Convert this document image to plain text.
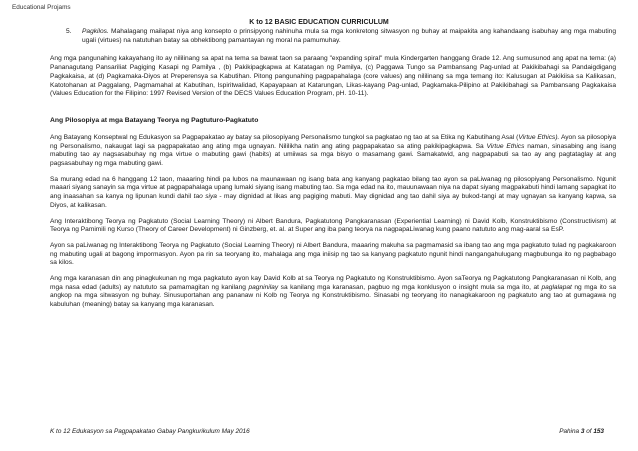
Educational Projams
K to 12 BASIC EDUCATION CURRICULUM
5.	Pagkilos. Mahalagang mailapat niya ang konsepto o prinsipyong nahinuha mula sa mga konkretong sitwasyon ng buhay at maipakita ang kahandaang isabuhay ang mga mabuting ugali (virtues) na natutuhan batay sa obhektibong pamantayan ng moral na pamumuhay.

Ang mga pangunahing kakayahang ito ay nililinang sa apat na tema sa bawat taon sa paraang "expanding spiral" mula Kindergarten hanggang Grade 12. Ang sumusunod ang apat na tema: (a) Pananagutang Pansariliat Pagiging Kasapi ng Pamilya , (b) Pakikipagkapwa at Katatagan ng Pamilya, (c) Paggawa Tungo sa Pambansang Pag-unlad at Pakikibahagi sa Pandaigdigang Pagkakaisa, at (d) Pagkamaka-Diyos at Preperensya sa Kabutihan. Pitong pangunahing pagpapahalaga (core values) ang nililinang sa mga temang ito: Kalusugan at Pakikiisa sa Kalikasan, Katotohanan at Paggalang, Pagmamahal at Kabutihan, Ispiritwalidad, Kapayapaan at Katarungan, Likas-kayang Pag-unlad, Pagkamaka-Pilipino at Pakikibahagi sa Pambansang Pagkakaisa (Values Education for the Filipino: 1997 Revised Version of the DECS Values Education Program, pH. 10-11).

Ang Pilosopiya at mga Batayang Teorya ng Pagtuturo-Pagkatuto

Ang Batayang Konseptwal ng Edukasyon sa Pagpapakatao ay batay sa pilosopiyang Personalismo tungkol sa pagkatao ng tao at sa Etika ng Kabutihang Asal (Virtue Ethics). Ayon sa pilosopiya ng Personalismo, nakaugat lagi sa pagpapakatao ang ating mga ugnayan. Nililikha natin ang ating pagpapakatao sa ating pakikipagkapwa. Sa Virtue Ethics naman, sinasabing ang isang mabuting tao ay nagsasabuhay ng mga virtue o mabuting gawi (habits) at umiiwas sa mga bisyo o masamang gawi. Samakatwid, ang nagpapabuti sa tao ay ang pagtataglay at ang pagsasabuhay ng mga mabuting gawi.

Sa murang edad na 6 hanggang 12 taon, maaaring hindi pa lubos na maunawaan ng isang bata ang kanyang pagkatao bilang tao ayon sa paLiwanag ng pilosopiyang Personalismo. Ngunit maaari siyang sanayin sa mga virtue at pagpapahalaga upang lumaki siyang isang mabuting tao. Sa mga edad na ito, mauunawaan niya na dapat siyang magpakabuti hindi lamang sapagkat ito ang inaasahan sa kanya ng lipunan kundi dahil tao siya - may dignidad at likas ang pagiging mabuti. May dignidad ang tao dahil siya ay bukod-tangi at may ugnayan sa kanyang kapwa, sa Diyos, at kalikasan.

Ang Interaktibong Teorya ng Pagkatuto (Social Learning Theory) ni Albert Bandura, Pagkatutong Pangkaranasan (Experiential Learning) ni David Kolb, Konstruktibismo (Constructivism) at Teorya ng Pamimili ng Kurso (Theory of Career Development) ni Ginzberg, et. al. at Super ang iba pang teorya na nagpapaLiwanag kung paano natututo ang mag-aaral sa EsP.

Ayon sa paLiwanag ng Interaktibong Teorya ng Pagkatuto (Social Learning Theory) ni Albert Bandura, maaaring makuha sa pagmamasid sa ibang tao ang mga pagkatuto tulad ng pagkakaroon ng mabuting ugali at bagong impormasyon. Ayon pa rin sa teoryang ito, mahalaga ang mga iniisip ng tao sa kanyang pagkatuto ngunit hindi nangangahulugang magbubunga ito ng pagbabago sa kilos.

Ang mga karanasan din ang pinagkukunan ng mga pagkatuto ayon kay David Kolb at sa Teorya ng Pagkatuto ng Konstruktibismo. Ayon saTeorya ng Pagkatutong Pangkaranasan ni Kolb, ang mga nasa edad (adults) ay natututo sa pamamagitan ng kanilang pagninilay sa kanilang mga karanasan, pagbuo ng mga konklusyon o insight mula sa mga ito, at paglalapat ng mga ito sa angkop na mga sitwasyon ng buhay. Sinusuportahan ang pananaw ni Kolb ng Teorya ng Konstruktibismo. Sinasabi ng teoryang ito nanagkakaroon ng pagkatuto ang tao at gumagawa ng kabuluhan (meaning) batay sa kanyang mga karanasan.

K to 12 Edukasyon sa Pagpapakatao Gabay Pangkurikulum May 2016	Pahina 3 of 153
